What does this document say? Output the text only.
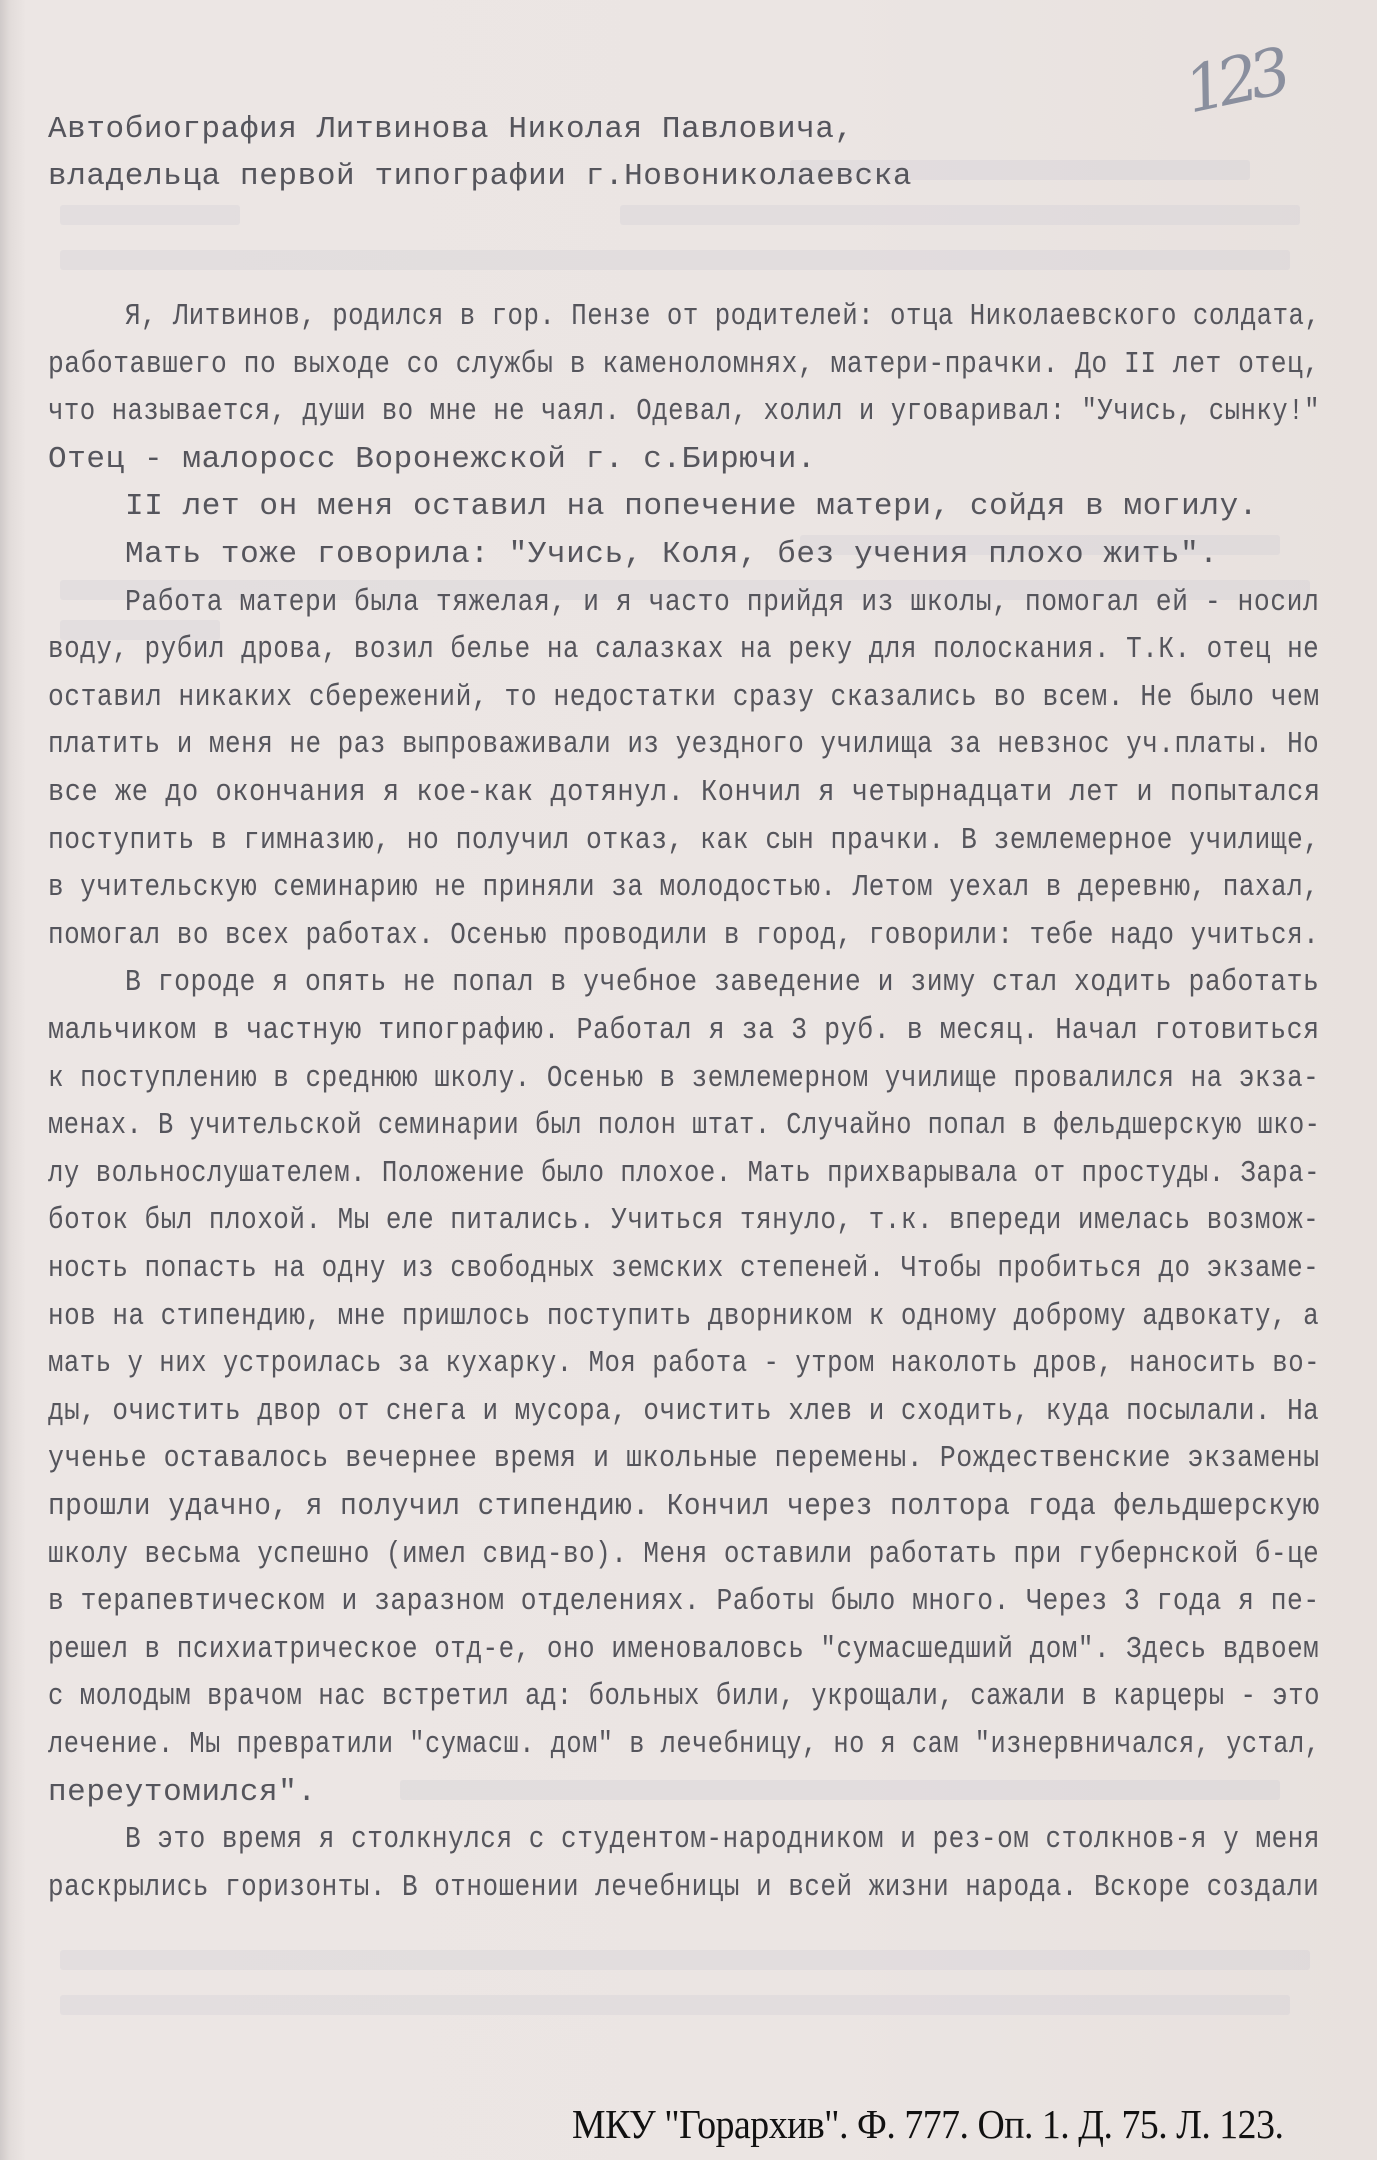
123
Автобиография Литвинова Николая Павловича,
владельца первой типографии г.Новониколаевска
Я, Литвинов, родился в гор. Пензе от родителей: отца Николаевского солдата,
работавшего по выходе со службы в каменоломнях, матери-прачки. До II лет отец,
что называется, души во мне не чаял. Одевал, холил и уговаривал: "Учись, сынку!"
Отец - малоросс Воронежской г. с.Бирючи.
II лет он меня оставил на попечение матери, сойдя в могилу.
Мать тоже говорила: "Учись, Коля, без учения плохо жить".
Работа матери была тяжелая, и я часто прийдя из школы, помогал ей - носил
воду, рубил дрова, возил белье на салазках на реку для полоскания. Т.К. отец не
оставил никаких сбережений, то недостатки сразу сказались во всем. Не было чем
платить и меня не раз выпроваживали из уездного училища за невзнос уч.платы. Но
все же до окончания я кое-как дотянул. Кончил я четырнадцати лет и попытался
поступить в гимназию, но получил отказ, как сын прачки. В землемерное училище,
в учительскую семинарию не приняли за молодостью. Летом уехал в деревню, пахал,
помогал во всех работах. Осенью проводили в город, говорили: тебе надо учиться.
В городе я опять не попал в учебное заведение и зиму стал ходить работать
мальчиком в частную типографию. Работал я за 3 руб. в месяц. Начал готовиться
к поступлению в среднюю школу. Осенью в землемерном училище провалился на экза-
менах. В учительской семинарии был полон штат. Случайно попал в фельдшерскую шко-
лу вольнослушателем. Положение было плохое. Мать прихварывала от простуды. Зара-
боток был плохой. Мы еле питались. Учиться тянуло, т.к. впереди имелась возмож-
ность попасть на одну из свободных земских степеней. Чтобы пробиться до экзаме-
нов на стипендию, мне пришлось поступить дворником к одному доброму адвокату, а
мать у них устроилась за кухарку. Моя работа - утром наколоть дров, наносить во-
ды, очистить двор от снега и мусора, очистить хлев и сходить, куда посылали. На
ученье оставалось вечернее время и школьные перемены. Рождественские экзамены
прошли удачно, я получил стипендию. Кончил через полтора года фельдшерскую
школу весьма успешно (имел свид-во). Меня оставили работать при губернской б-це
в терапевтическом и заразном отделениях. Работы было много. Через 3 года я пе-
решел в психиатрическое отд-е, оно именоваловсь "сумасшедший дом". Здесь вдвоем
с молодым врачом нас встретил ад: больных били, укрощали, сажали в карцеры - это
лечение. Мы превратили "сумасш. дом" в лечебницу, но я сам "изнервничался, устал,
переутомился".
В это время я столкнулся с студентом-народником и рез-ом столкнов-я у меня
раскрылись горизонты. В отношении лечебницы и всей жизни народа. Вскоре создали
МКУ "Горархив". Ф. 777. Оп. 1. Д. 75. Л. 123.
